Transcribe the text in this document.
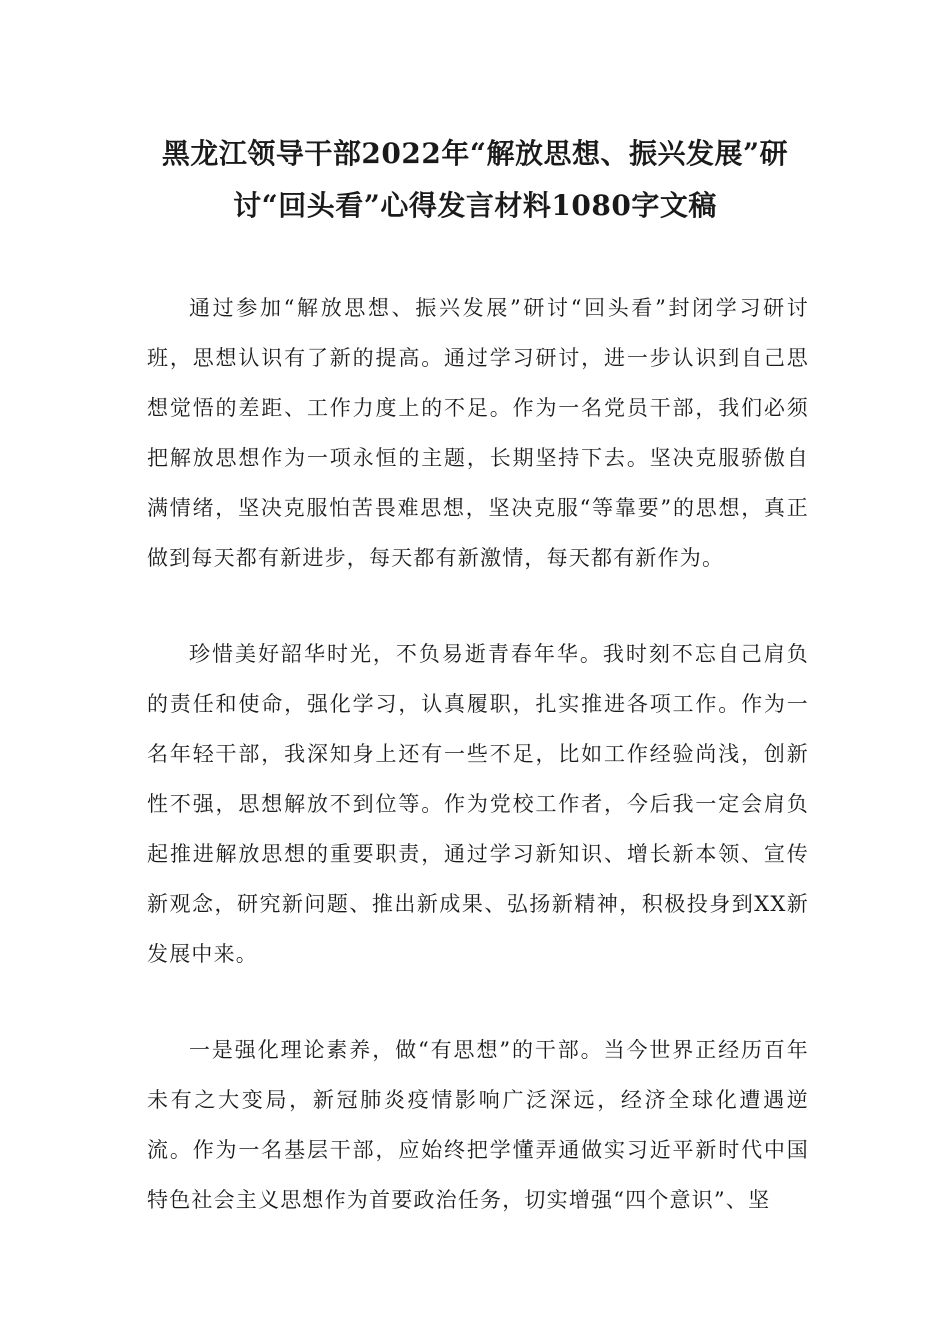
黑龙江领导干部2022年“解放思想、振兴发展”研
讨“回头看”心得发言材料1080字文稿

通过参加“解放思想、振兴发展”研讨“回头看”封闭学习研讨班，思想认识有了新的提高。通过学习研讨，进一步认识到自己思想觉悟的差距、工作力度上的不足。作为一名党员干部，我们必须把解放思想作为一项永恒的主题，长期坚持下去。坚决克服骄傲自满情绪，坚决克服怕苦畏难思想，坚决克服“等靠要”的思想，真正做到每天都有新进步，每天都有新激情，每天都有新作为。

珍惜美好韶华时光，不负易逝青春年华。我时刻不忘自己肩负的责任和使命，强化学习，认真履职，扎实推进各项工作。作为一名年轻干部，我深知身上还有一些不足，比如工作经验尚浅，创新性不强，思想解放不到位等。作为党校工作者，今后我一定会肩负起推进解放思想的重要职责，通过学习新知识、增长新本领、宣传新观念，研究新问题、推出新成果、弘扬新精神，积极投身到XX新发展中来。

一是强化理论素养，做“有思想”的干部。当今世界正经历百年未有之大变局，新冠肺炎疫情影响广泛深远，经济全球化遭遇逆流。作为一名基层干部，应始终把学懂弄通做实习近平新时代中国特色社会主义思想作为首要政治任务，切实增强“四个意识”、坚
